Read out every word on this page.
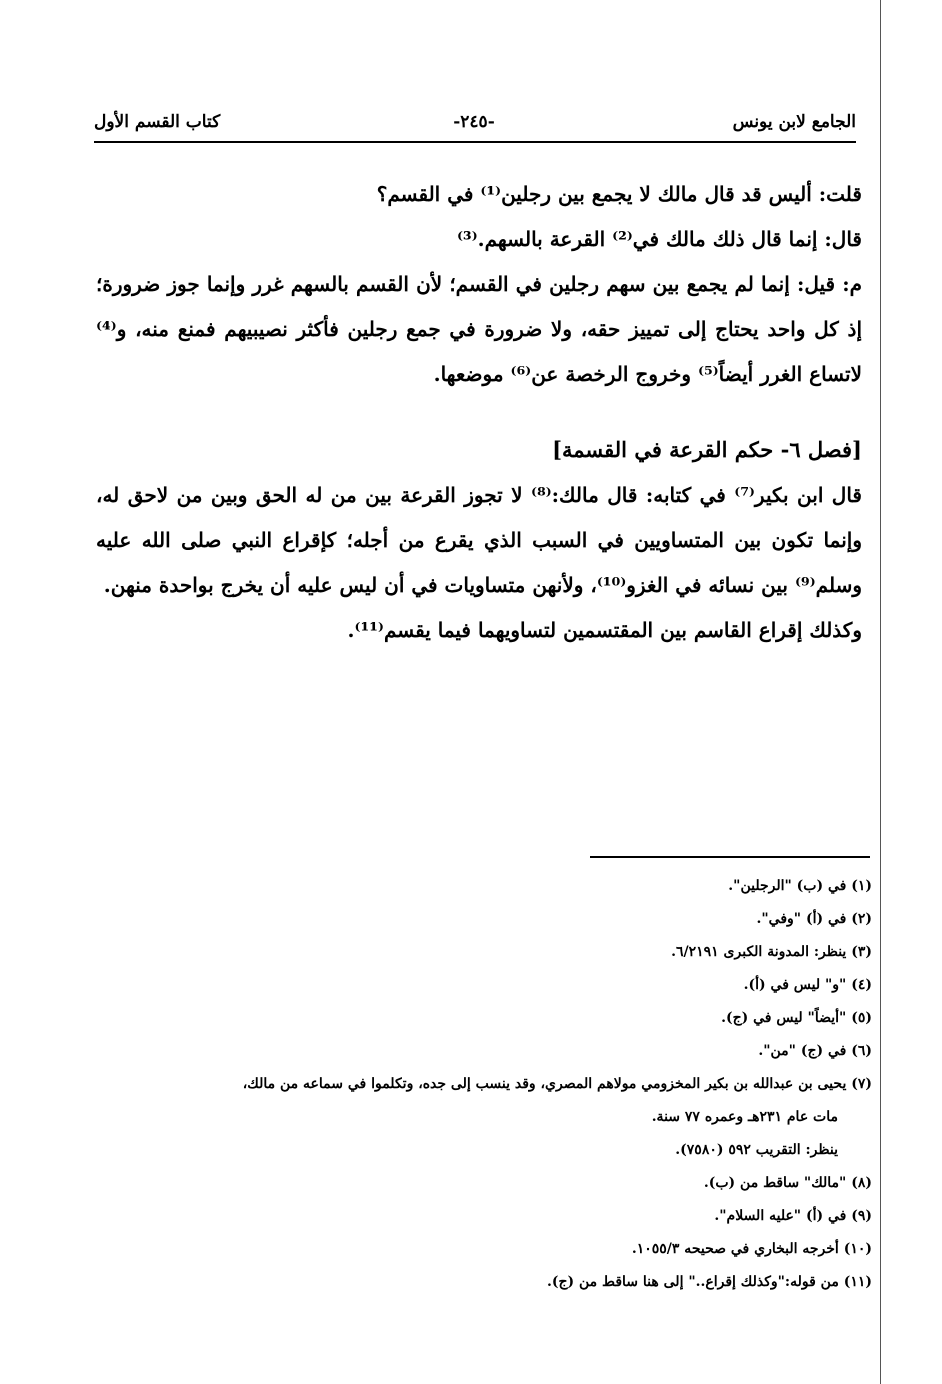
الجامع لابن يونس
-٢٤٥-
كتاب القسم الأول

قلت: أليس قد قال مالك لا يجمع بين رجلين⁽¹⁾ في القسم؟

قال: إنما قال ذلك مالك في⁽²⁾ القرعة بالسهم.⁽³⁾

م: قيل: إنما لم يجمع بين سهم رجلين في القسم؛ لأن القسم بالسهم غرر وإنما جوز ضرورة؛ إذ كل واحد يحتاج إلى تمييز حقه، ولا ضرورة في جمع رجلين فأكثر نصيبيهم فمنع منه، و⁽⁴⁾لاتساع الغرر أيضاً⁽⁵⁾ وخروج الرخصة عن⁽⁶⁾ موضعها.

[فصل ٦- حكم القرعة في القسمة]

قال ابن بكير⁽⁷⁾ في كتابه: قال مالك:⁽⁸⁾ لا تجوز القرعة بين من له الحق وبين من لاحق له، وإنما تكون بين المتساويين في السبب الذي يقرع من أجله؛ كإقراع النبي صلى الله عليه وسلم⁽⁹⁾ بين نسائه في الغزو⁽¹⁰⁾، ولأنهن متساويات في أن ليس عليه أن يخرج بواحدة منهن.

وكذلك إقراع القاسم بين المقتسمين لتساويهما فيما يقسم⁽¹¹⁾.

(١) في (ب) "الرجلين".
(٢) في (أ) "وفي".
(٣) ينظر: المدونة الكبرى ٦/٢١٩١.
(٤) "و" ليس في (أ).
(٥) "أيضاً" ليس في (ج).
(٦) في (ج) "من".
(٧) يحيى بن عبدالله بن بكير المخزومي مولاهم المصري، وقد ينسب إلى جده، وتكلموا في سماعه من مالك،
مات عام ٢٣١هـ وعمره ٧٧ سنة.
ينظر: التقريب ٥٩٢ (٧٥٨٠).
(٨) "مالك" ساقط من (ب).
(٩) في (أ) "عليه السلام".
(١٠) أخرجه البخاري في صحيحه ١٠٥٥/٣.
(١١) من قوله:"وكذلك إقراع.." إلى هنا ساقط من (ج).
